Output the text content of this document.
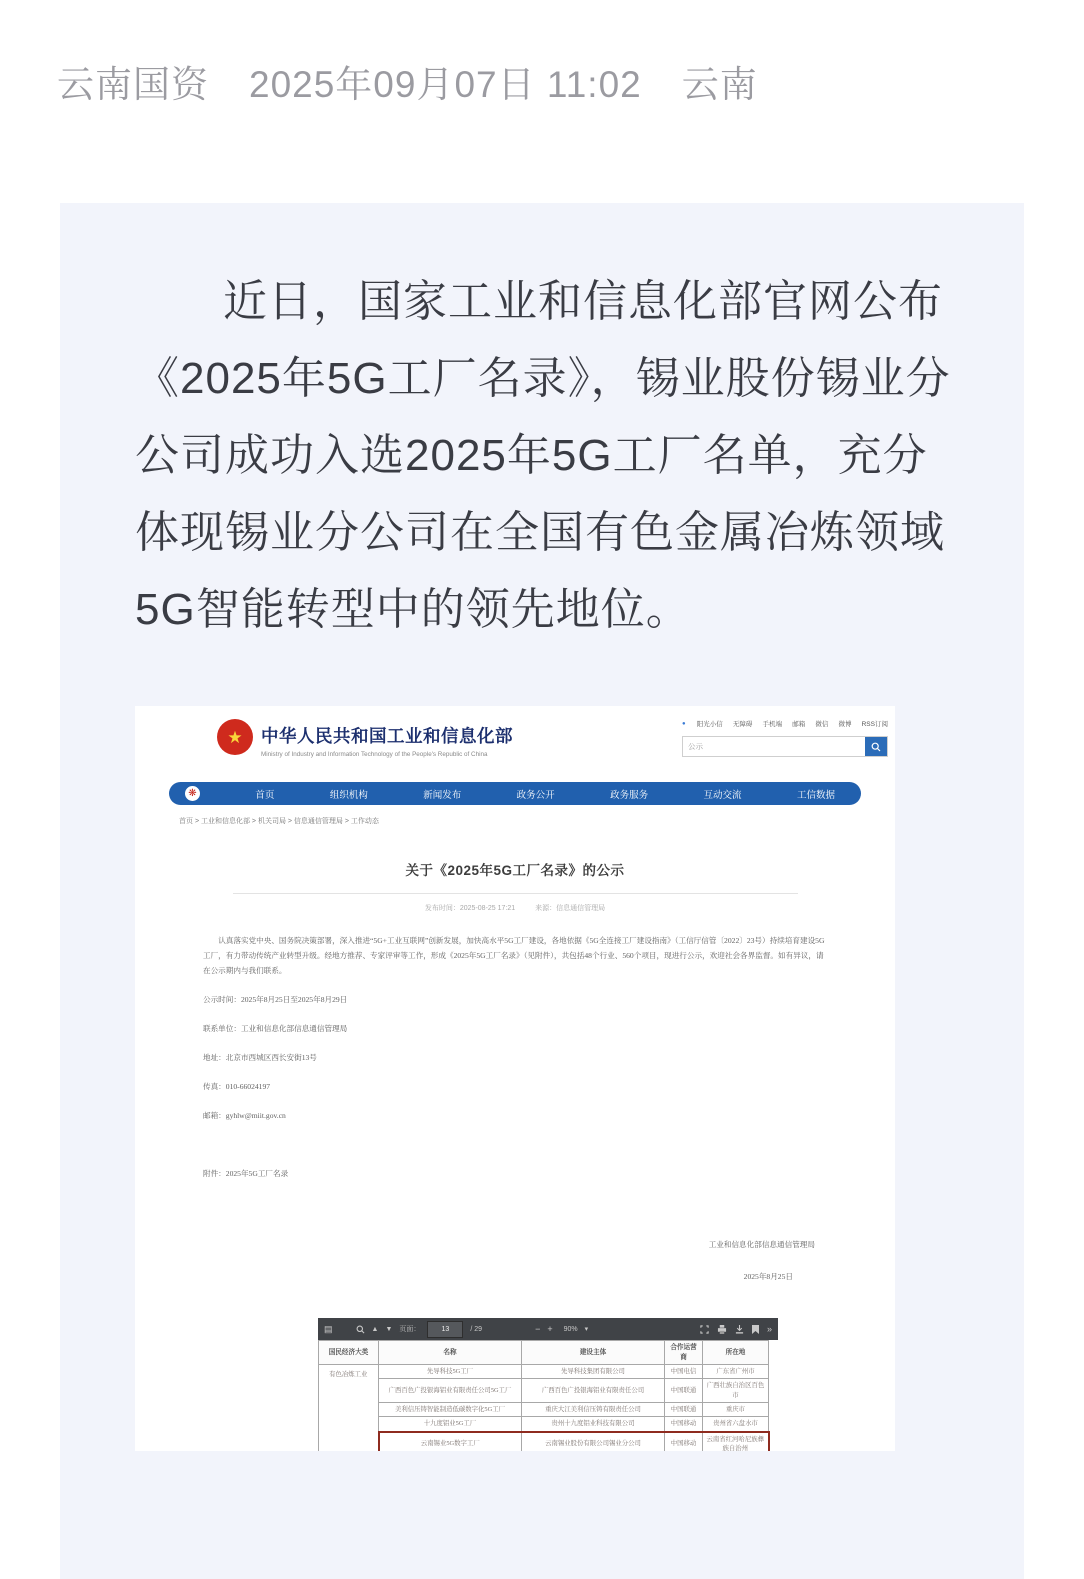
云南国资 2025年09月07日 11:02 云南

近日，国家工业和信息化部官网公布《2025年5G工厂名录》，锡业股份锡业分公司成功入选2025年5G工厂名单，充分体现锡业分公司在全国有色金属冶炼领域5G智能转型中的领先地位。

★ 中华人民共和国工业和信息化部
Ministry of Industry and Information Technology of the People's Republic of China
● 阳光小信 无障碍 手机端 邮箱 微信 微博 RSS订阅
公示
❋	首页	组织机构	新闻发布	政务公开	政务服务	互动交流	工信数据
首页 > 工业和信息化部 > 机关司局 > 信息通信管理局 > 工作动态
关于《2025年5G工厂名录》的公示
发布时间：2025-08-25 17:21	来源：信息通信管理局

认真落实党中央、国务院决策部署，深入推进“5G+工业互联网”创新发展，加快高水平5G工厂建设，各地依据《5G全连接工厂建设指南》（工信厅信管〔2022〕23号）持续培育建设5G工厂，有力带动传统产业转型升级。经地方推荐、专家评审等工作，形成《2025年5G工厂名录》（见附件），共包括48个行业、560个项目，现进行公示，欢迎社会各界监督。如有异议，请在公示期内与我们联系。

公示时间：2025年8月25日至2025年8月29日

联系单位：工业和信息化部信息通信管理局

地址：北京市西城区西长安街13号

传真：010-66024197

邮箱：gyhlw@miit.gov.cn

附件：2025年5G工厂名录

工业和信息化部信息通信管理局

2025年8月25日

▤	▲ ▼ 页面：
13	/ 29	− + 90% ▾	»
国民经济大类	名称	建设主体	合作运营商	所在地
有色冶炼工业	先导科技5G工厂	先导科技集团有限公司	中国电信	广东省广州市
	广西百色广投银海铝业有限责任公司5G工厂	广西百色广投银海铝业有限责任公司	中国联通	广西壮族自治区百色市
	美利信压铸智能制造低碳数字化5G工厂	重庆大江美利信压铸有限责任公司	中国联通	重庆市
	十九度铝业5G工厂	贵州十九度铝业科技有限公司	中国移动	贵州省六盘水市
	云南锡业5G数字工厂	云南锡业股份有限公司锡业分公司	中国移动	云南省红河哈尼族彝族自治州
